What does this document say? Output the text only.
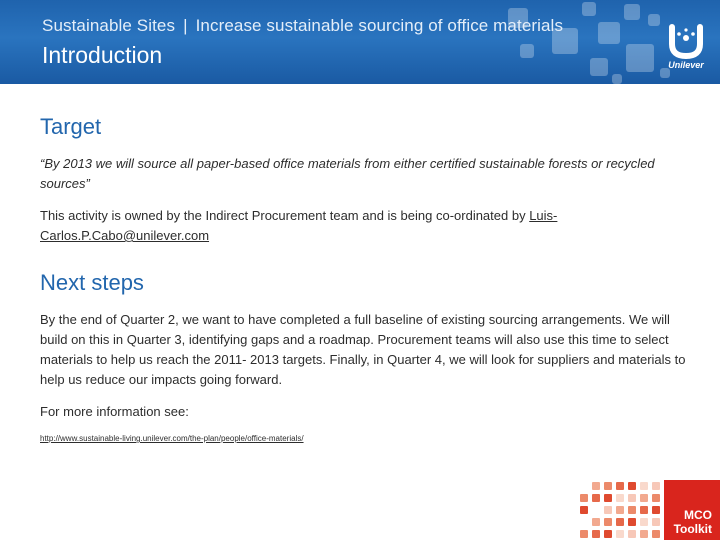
Sustainable Sites | Increase sustainable sourcing of office materials
Introduction	Unilever
Target

“By 2013 we will source all paper-based office materials from either certified sustainable forests or recycled sources”

This activity is owned by the Indirect Procurement team and is being co-ordinated by Luis-Carlos.P.Cabo@unilever.com

Next steps

By the end of Quarter 2, we want to have completed a full baseline of existing sourcing arrangements. We will build on this in Quarter 3, identifying gaps and a roadmap. Procurement teams will also use this time to select materials to help us reach the 2011- 2013 targets. Finally, in Quarter 4, we will look for suppliers and materials to help us reduce our impacts going forward.

For more information see:

http://www.sustainable-living.unilever.com/the-plan/people/office-materials/
MCO
Toolkit
